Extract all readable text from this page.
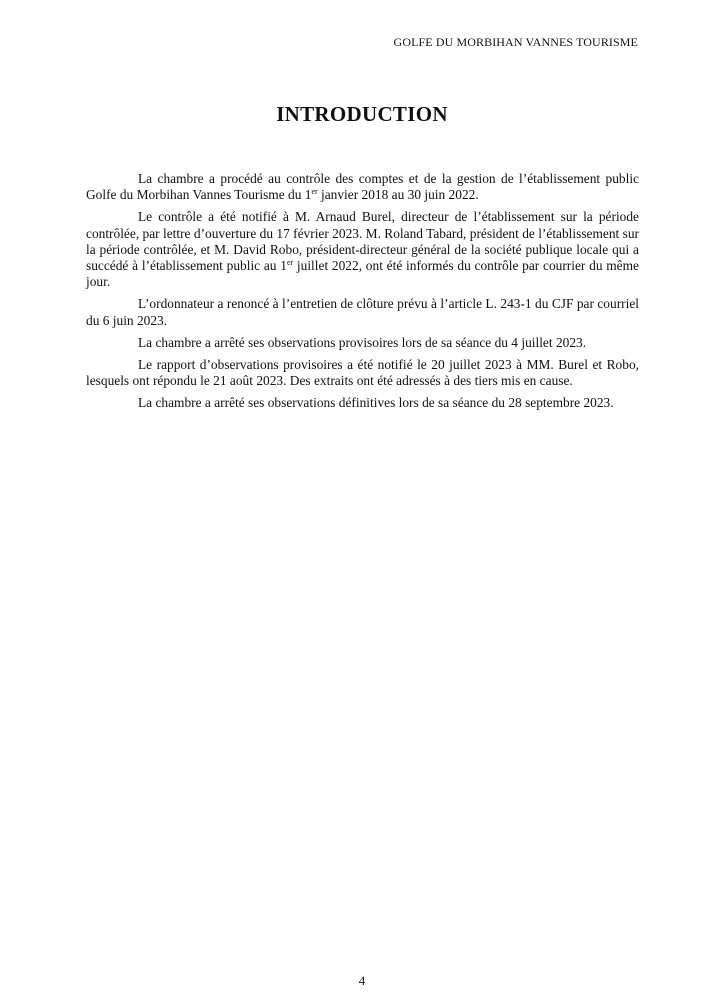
GOLFE DU MORBIHAN VANNES TOURISME
INTRODUCTION

La chambre a procédé au contrôle des comptes et de la gestion de l’établissement public Golfe du Morbihan Vannes Tourisme du 1er janvier 2018 au 30 juin 2022.

Le contrôle a été notifié à M. Arnaud Burel, directeur de l’établissement sur la période contrôlée, par lettre d’ouverture du 17 février 2023. M. Roland Tabard, président de l’établissement sur la période contrôlée, et M. David Robo, président-directeur général de la société publique locale qui a succédé à l’établissement public au 1er juillet 2022, ont été informés du contrôle par courrier du même jour.

L’ordonnateur a renoncé à l’entretien de clôture prévu à l’article L. 243-1 du CJF par courriel du 6 juin 2023.

La chambre a arrêté ses observations provisoires lors de sa séance du 4 juillet 2023.

Le rapport d’observations provisoires a été notifié le 20 juillet 2023 à MM. Burel et Robo, lesquels ont répondu le 21 août 2023. Des extraits ont été adressés à des tiers mis en cause.

La chambre a arrêté ses observations définitives lors de sa séance du 28 septembre 2023.

4
